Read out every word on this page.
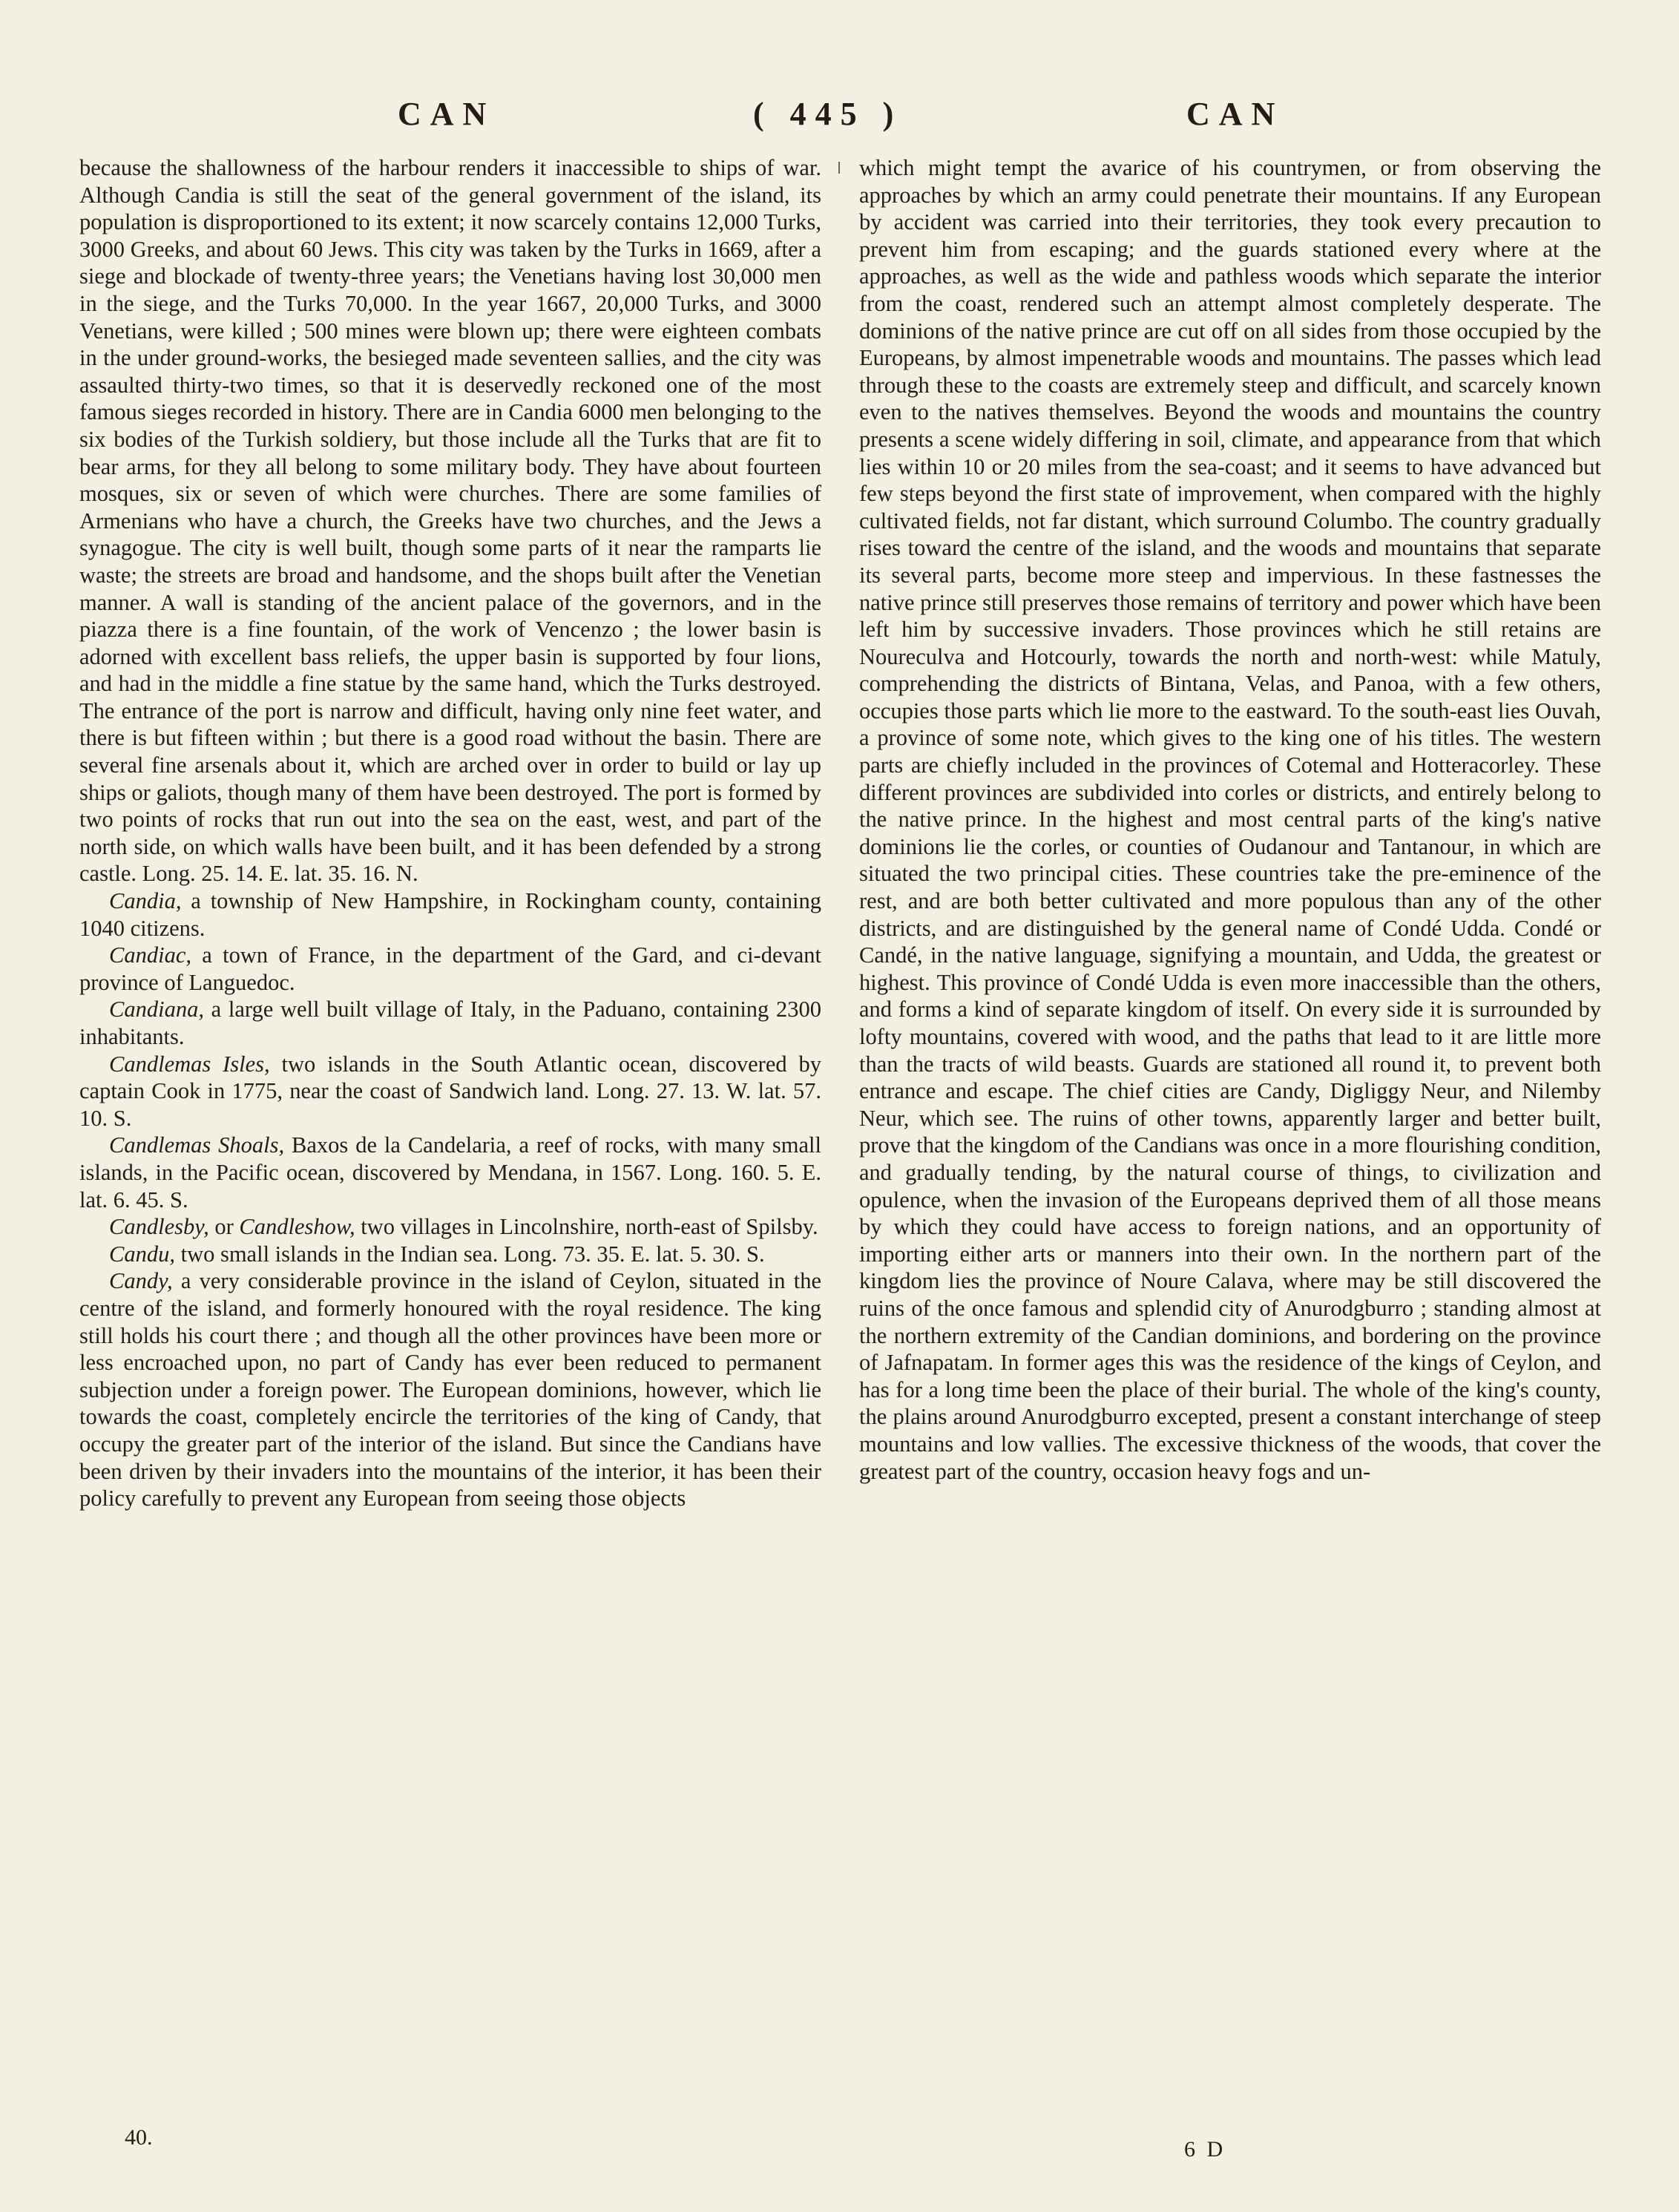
CAN	( 445 )	CAN

because the shallowness of the harbour renders it inaccessible to ships of war. Although Candia is still the seat of the general government of the island, its population is disproportioned to its extent; it now scarcely contains 12,000 Turks, 3000 Greeks, and about 60 Jews. This city was taken by the Turks in 1669, after a siege and blockade of twenty-three years; the Venetians having lost 30,000 men in the siege, and the Turks 70,000. In the year 1667, 20,000 Turks, and 3000 Venetians, were killed ; 500 mines were blown up; there were eighteen combats in the under ground-works, the besieged made seventeen sallies, and the city was assaulted thirty-two times, so that it is deservedly reckoned one of the most famous sieges recorded in history. There are in Candia 6000 men belonging to the six bodies of the Turkish soldiery, but those include all the Turks that are fit to bear arms, for they all belong to some military body. They have about fourteen mosques, six or seven of which were churches. There are some families of Armenians who have a church, the Greeks have two churches, and the Jews a synagogue. The city is well built, though some parts of it near the ramparts lie waste; the streets are broad and handsome, and the shops built after the Venetian manner. A wall is standing of the ancient palace of the governors, and in the piazza there is a fine fountain, of the work of Vencenzo ; the lower basin is adorned with excellent bass reliefs, the upper basin is supported by four lions, and had in the middle a fine statue by the same hand, which the Turks destroyed. The entrance of the port is narrow and difficult, having only nine feet water, and there is but fifteen within ; but there is a good road without the basin. There are several fine arsenals about it, which are arched over in order to build or lay up ships or galiots, though many of them have been destroyed. The port is formed by two points of rocks that run out into the sea on the east, west, and part of the north side, on which walls have been built, and it has been defended by a strong castle. Long. 25. 14. E. lat. 35. 16. N.

Candia, a township of New Hampshire, in Rockingham county, containing 1040 citizens.

Candiac, a town of France, in the department of the Gard, and ci-devant province of Languedoc.

Candiana, a large well built village of Italy, in the Paduano, containing 2300 inhabitants.

Candlemas Isles, two islands in the South Atlantic ocean, discovered by captain Cook in 1775, near the coast of Sandwich land. Long. 27. 13. W. lat. 57. 10. S.

Candlemas Shoals, Baxos de la Candelaria, a reef of rocks, with many small islands, in the Pacific ocean, discovered by Mendana, in 1567. Long. 160. 5. E. lat. 6. 45. S.

Candlesby, or Candleshow, two villages in Lincolnshire, north-east of Spilsby.

Candu, two small islands in the Indian sea. Long. 73. 35. E. lat. 5. 30. S.

Candy, a very considerable province in the island of Ceylon, situated in the centre of the island, and formerly honoured with the royal residence. The king still holds his court there ; and though all the other provinces have been more or less encroached upon, no part of Candy has ever been reduced to permanent subjection under a foreign power. The European dominions, however, which lie towards the coast, completely encircle the territories of the king of Candy, that occupy the greater part of the interior of the island. But since the Candians have been driven by their invaders into the mountains of the interior, it has been their policy carefully to prevent any European from seeing those objects

which might tempt the avarice of his countrymen, or from observing the approaches by which an army could penetrate their mountains. If any European by accident was carried into their territories, they took every precaution to prevent him from escaping; and the guards stationed every where at the approaches, as well as the wide and pathless woods which separate the interior from the coast, rendered such an attempt almost completely desperate. The dominions of the native prince are cut off on all sides from those occupied by the Europeans, by almost impenetrable woods and mountains. The passes which lead through these to the coasts are extremely steep and difficult, and scarcely known even to the natives themselves. Beyond the woods and mountains the country presents a scene widely differing in soil, climate, and appearance from that which lies within 10 or 20 miles from the sea-coast; and it seems to have advanced but few steps beyond the first state of improvement, when compared with the highly cultivated fields, not far distant, which surround Columbo. The country gradually rises toward the centre of the island, and the woods and mountains that separate its several parts, become more steep and impervious. In these fastnesses the native prince still preserves those remains of territory and power which have been left him by successive invaders. Those provinces which he still retains are Noureculva and Hotcourly, towards the north and north-west: while Matuly, comprehending the districts of Bintana, Velas, and Panoa, with a few others, occupies those parts which lie more to the eastward. To the south-east lies Ouvah, a province of some note, which gives to the king one of his titles. The western parts are chiefly included in the provinces of Cotemal and Hotteracorley. These different provinces are subdivided into corles or districts, and entirely belong to the native prince. In the highest and most central parts of the king's native dominions lie the corles, or counties of Oudanour and Tantanour, in which are situated the two principal cities. These countries take the pre-eminence of the rest, and are both better cultivated and more populous than any of the other districts, and are distinguished by the general name of Condé Udda. Condé or Candé, in the native language, signifying a mountain, and Udda, the greatest or highest. This province of Condé Udda is even more inaccessible than the others, and forms a kind of separate kingdom of itself. On every side it is surrounded by lofty mountains, covered with wood, and the paths that lead to it are little more than the tracts of wild beasts. Guards are stationed all round it, to prevent both entrance and escape. The chief cities are Candy, Digliggy Neur, and Nilemby Neur, which see. The ruins of other towns, apparently larger and better built, prove that the kingdom of the Candians was once in a more flourishing condition, and gradually tending, by the natural course of things, to civilization and opulence, when the invasion of the Europeans deprived them of all those means by which they could have access to foreign nations, and an opportunity of importing either arts or manners into their own. In the northern part of the kingdom lies the province of Noure Calava, where may be still discovered the ruins of the once famous and splendid city of Anurodgburro ; standing almost at the northern extremity of the Candian dominions, and bordering on the province of Jafnapatam. In former ages this was the residence of the kings of Ceylon, and has for a long time been the place of their burial. The whole of the king's county, the plains around Anurodgburro excepted, present a constant interchange of steep mountains and low vallies. The excessive thickness of the woods, that cover the greatest part of the country, occasion heavy fogs and un-

40.	6 D
